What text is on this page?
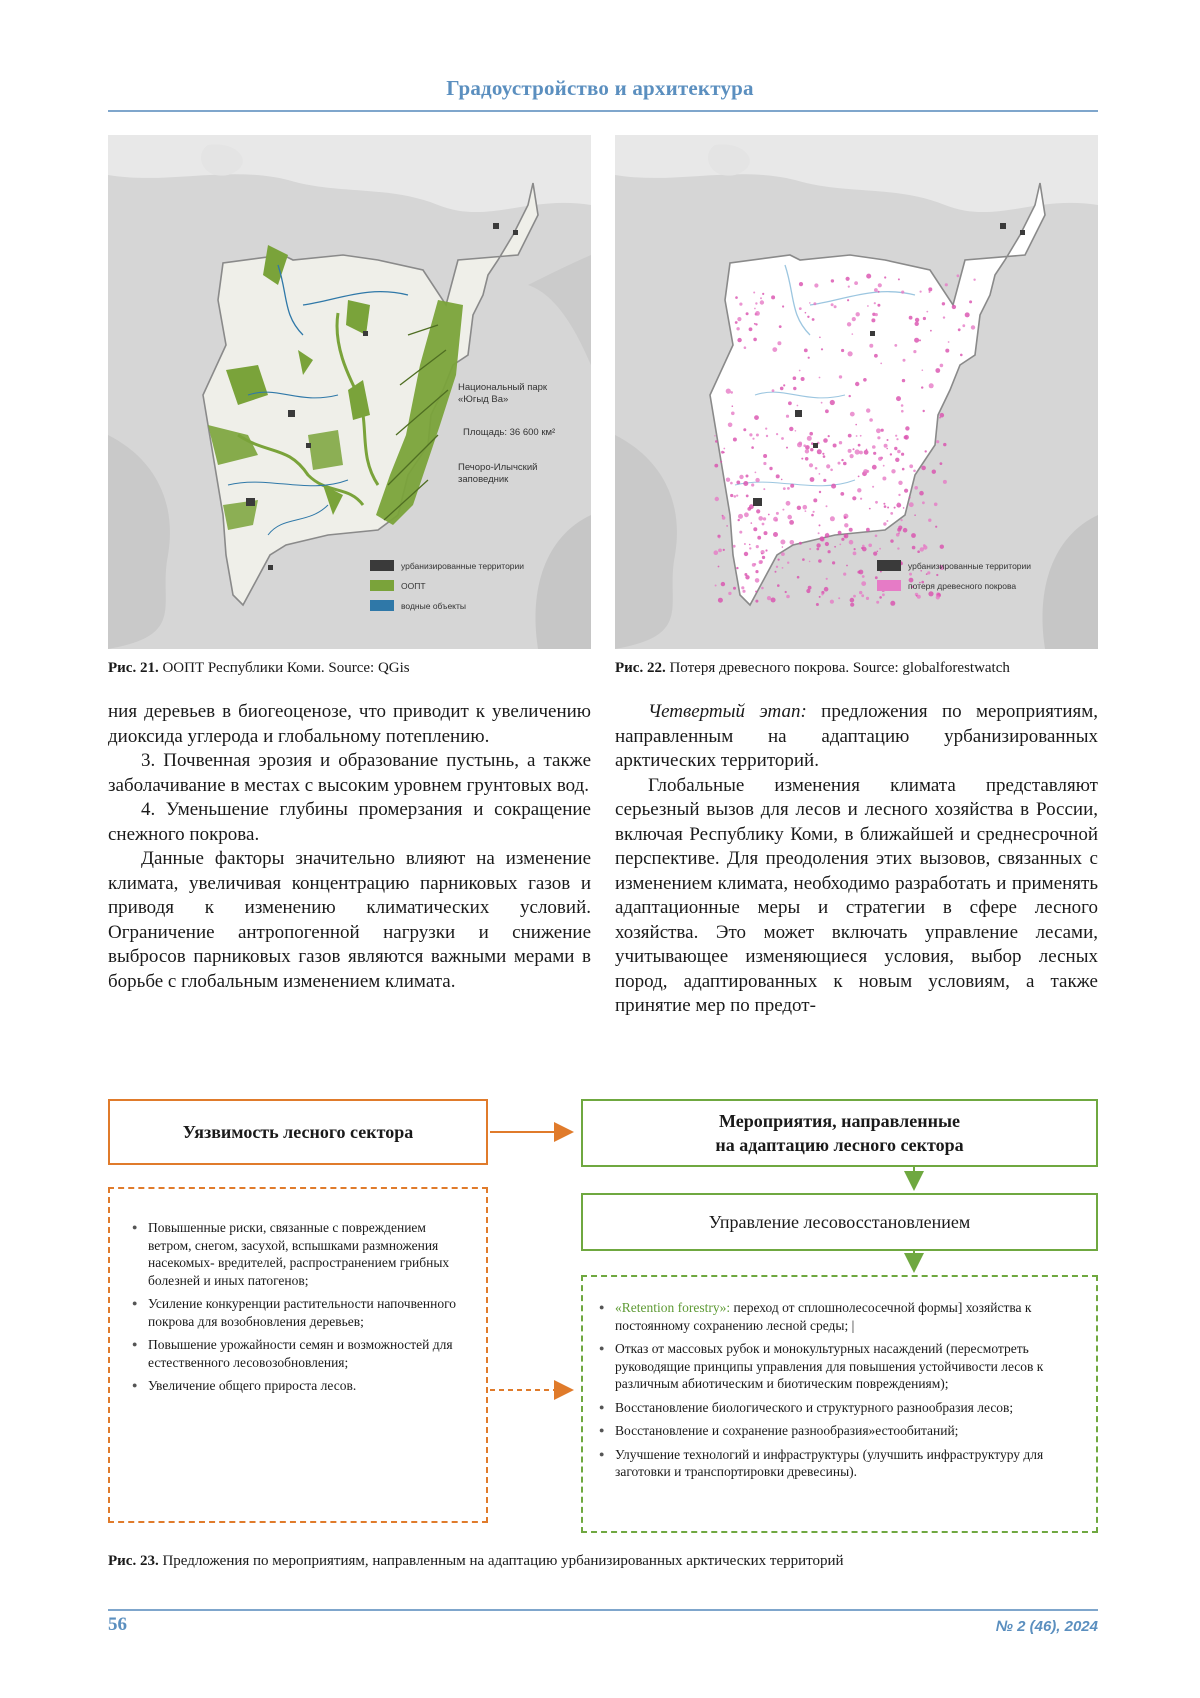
Градоустройство и архитектура
Национальный парк
«Югыд Ва»
Площадь: 36 600 км²
Печоро-Илычский
заповедник
урбанизированные территории
ООПТ
водные объекты
урбанизированные территории
потеря древесного покрова
Рис. 21. ООПТ Республики Коми. Source: QGis	Рис. 22. Потеря древесного покрова. Source: globalforestwatch

ния деревьев в биогеоценозе, что приводит к увеличению диоксида углерода и глобальному потеплению.

3. Почвенная эрозия и образование пустынь, а также заболачивание в местах с высоким уровнем грунтовых вод.

4. Уменьшение глубины промерзания и сокращение снежного покрова.

Данные факторы значительно влияют на изменение климата, увеличивая концентрацию парниковых газов и приводя к изменению климатических условий. Ограничение антропогенной нагрузки и снижение выбросов парниковых газов являются важными мерами в борьбе с глобальным изменением климата.

Четвертый этап: предложения по мероприятиям, направленным на адаптацию урбанизированных арктических территорий.

Глобальные изменения климата представляют серьезный вызов для лесов и лесного хозяйства в России, включая Республику Коми, в ближайшей и среднесрочной перспективе. Для преодоления этих вызовов, связанных с изменением климата, необходимо разработать и применять адаптационные меры и стратегии в сфере лесного хозяйства. Это может включать управление лесами, учитывающее изменяющиеся условия, выбор лесных пород, адаптированных к новым условиям, а также принятие мер по предот-

Уязвимость лесного сектора
Мероприятия, направленные
на адаптацию лесного сектора
Управление лесовосстановлением
● Повышенные риски, связанные с повреждением ветром, снегом, засухой, вспышками размножения насекомых- вредителей, распространением грибных болезней и иных патогенов;
● Усиление конкуренции растительности напочвенного покрова для возобновления деревьев;
● Повышение урожайности семян и возможностей для естественного лесовозобновления;
● Увеличение общего прироста лесов.
● «Retention forestry»: переход от сплошнолесосечной формы] хозяйства к постоянному сохранению лесной среды; |
● Отказ от массовых рубок и монокультурных насаждений (пересмотреть руководящие принципы управления для повышения устойчивости лесов к различным абиотическим и биотическим повреждениям);
● Восстановление биологического и структурного разнообразия лесов;
● Восстановление и сохранение разнообразия»естообитаний;
● Улучшение технологий и инфраструктуры (улучшить инфраструктуру для заготовки и транспортировки древесины).
Рис. 23. Предложения по мероприятиям, направленным на адаптацию урбанизированных арктических территорий
56	№ 2 (46), 2024
